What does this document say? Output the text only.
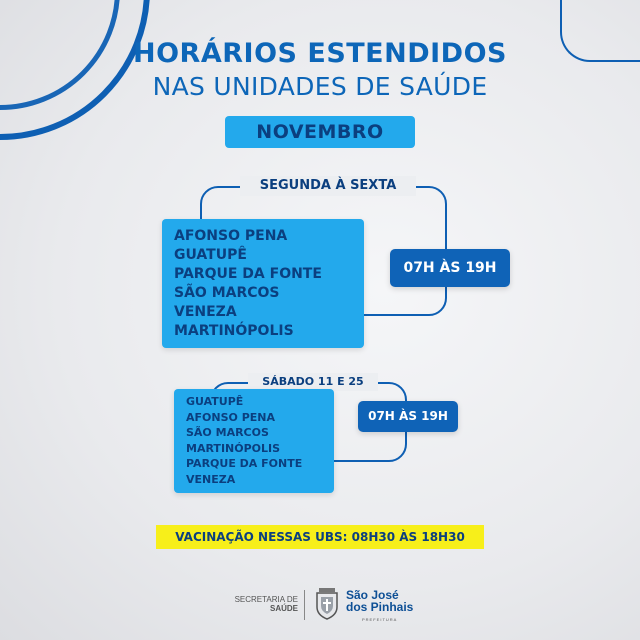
HORÁRIOS ESTENDIDOS
NAS UNIDADES DE SAÚDE
NOVEMBRO
SEGUNDA À SEXTA
AFONSO PENA
GUATUPÊ
PARQUE DA FONTE
SÃO MARCOS
VENEZA
MARTINÓPOLIS
07H ÀS 19H
SÁBADO 11 E 25
GUATUPÊ
AFONSO PENA
SÃO MARCOS
MARTINÓPOLIS
PARQUE DA FONTE
VENEZA
07H ÀS 19H
VACINAÇÃO NESSAS UBS: 08H30 ÀS 18H30
SECRETARIA DE
SAÚDE
São José
dos Pinhais
PREFEITURA
